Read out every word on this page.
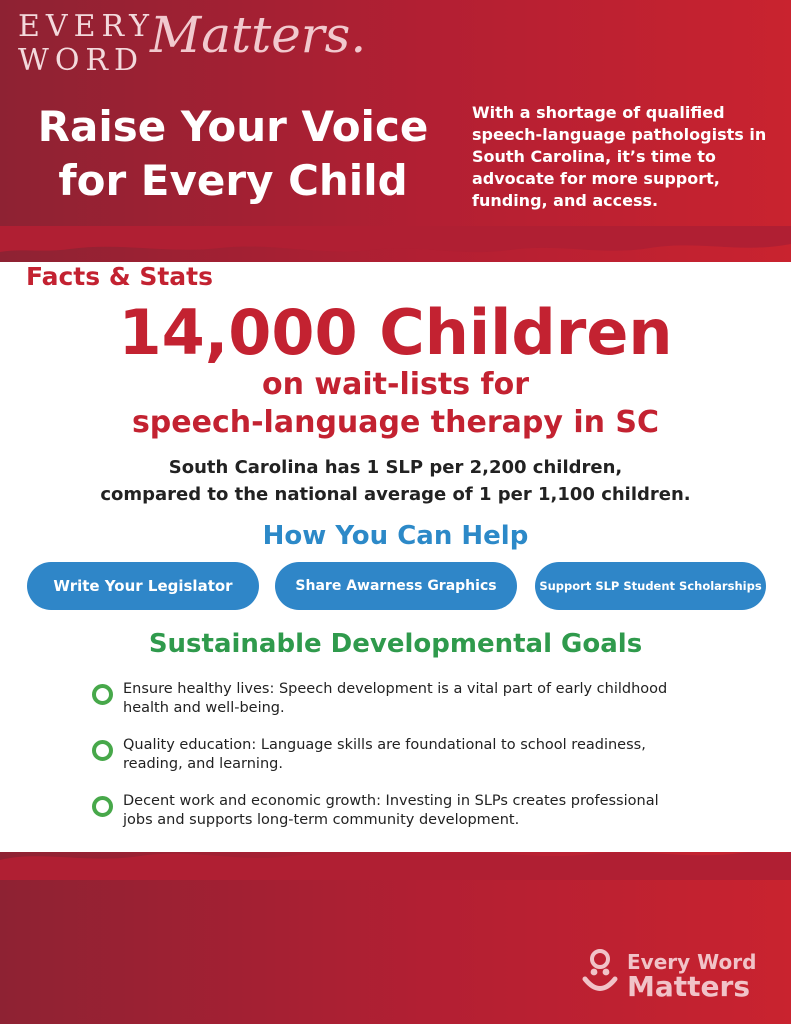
EVERY
WORD Matters.
Raise Your Voice for Every Child
With a shortage of qualified speech-language pathologists in South Carolina, it’s time to advocate for more support, funding, and access.
Facts & Stats
14,000 Children
on wait-lists for
speech-language therapy in SC
South Carolina has 1 SLP per 2,200 children,
compared to the national average of 1 per 1,100 children.
How You Can Help
Write Your Legislator	Share Awarness Graphics	Support SLP Student Scholarships
Sustainable Developmental Goals
Ensure healthy lives: Speech development is a vital part of early childhood health and well-being.
Quality education: Language skills are foundational to school readiness, reading, and learning.
Decent work and economic growth: Investing in SLPs creates professional jobs and supports long-term community development.
Every Word
Matters
